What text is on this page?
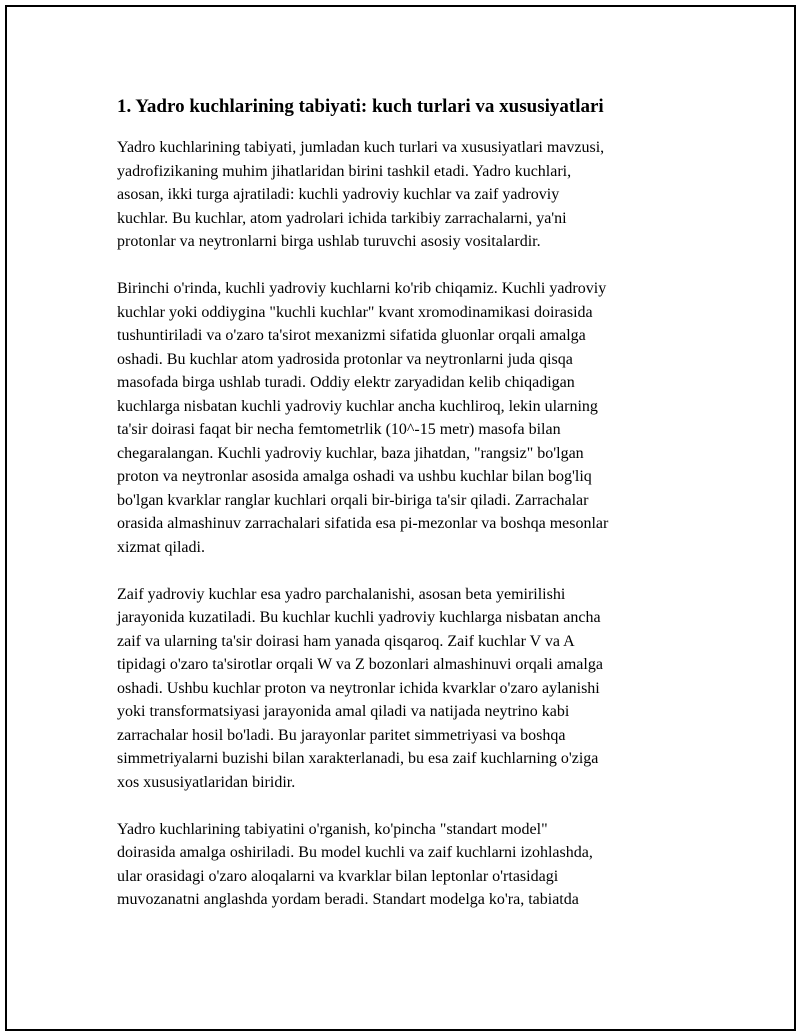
1. Yadro kuchlarining tabiyati: kuch turlari va xususiyatlari

Yadro kuchlarining tabiyati, jumladan kuch turlari va xususiyatlari mavzusi,
yadrofizikaning muhim jihatlaridan birini tashkil etadi. Yadro kuchlari,
asosan, ikki turga ajratiladi: kuchli yadroviy kuchlar va zaif yadroviy
kuchlar. Bu kuchlar, atom yadrolari ichida tarkibiy zarrachalarni, ya'ni
protonlar va neytronlarni birga ushlab turuvchi asosiy vositalardir.

Birinchi o'rinda, kuchli yadroviy kuchlarni ko'rib chiqamiz. Kuchli yadroviy
kuchlar yoki oddiygina "kuchli kuchlar" kvant xromodinamikasi doirasida
tushuntiriladi va o'zaro ta'sirot mexanizmi sifatida gluonlar orqali amalga
oshadi. Bu kuchlar atom yadrosida protonlar va neytronlarni juda qisqa
masofada birga ushlab turadi. Oddiy elektr zaryadidan kelib chiqadigan
kuchlarga nisbatan kuchli yadroviy kuchlar ancha kuchliroq, lekin ularning
ta'sir doirasi faqat bir necha femtometrlik (10^-15 metr) masofa bilan
chegaralangan. Kuchli yadroviy kuchlar, baza jihatdan, "rangsiz" bo'lgan
proton va neytronlar asosida amalga oshadi va ushbu kuchlar bilan bog'liq
bo'lgan kvarklar ranglar kuchlari orqali bir-biriga ta'sir qiladi. Zarrachalar
orasida almashinuv zarrachalari sifatida esa pi-mezonlar va boshqa mesonlar
xizmat qiladi.

Zaif yadroviy kuchlar esa yadro parchalanishi, asosan beta yemirilishi
jarayonida kuzatiladi. Bu kuchlar kuchli yadroviy kuchlarga nisbatan ancha
zaif va ularning ta'sir doirasi ham yanada qisqaroq. Zaif kuchlar V va A
tipidagi o'zaro ta'sirotlar orqali W va Z bozonlari almashinuvi orqali amalga
oshadi. Ushbu kuchlar proton va neytronlar ichida kvarklar o'zaro aylanishi
yoki transformatsiyasi jarayonida amal qiladi va natijada neytrino kabi
zarrachalar hosil bo'ladi. Bu jarayonlar paritet simmetriyasi va boshqa
simmetriyalarni buzishi bilan xarakterlanadi, bu esa zaif kuchlarning o'ziga
xos xususiyatlaridan biridir.

Yadro kuchlarining tabiyatini o'rganish, ko'pincha "standart model"
doirasida amalga oshiriladi. Bu model kuchli va zaif kuchlarni izohlashda,
ular orasidagi o'zaro aloqalarni va kvarklar bilan leptonlar o'rtasidagi
muvozanatni anglashda yordam beradi. Standart modelga ko'ra, tabiatda
